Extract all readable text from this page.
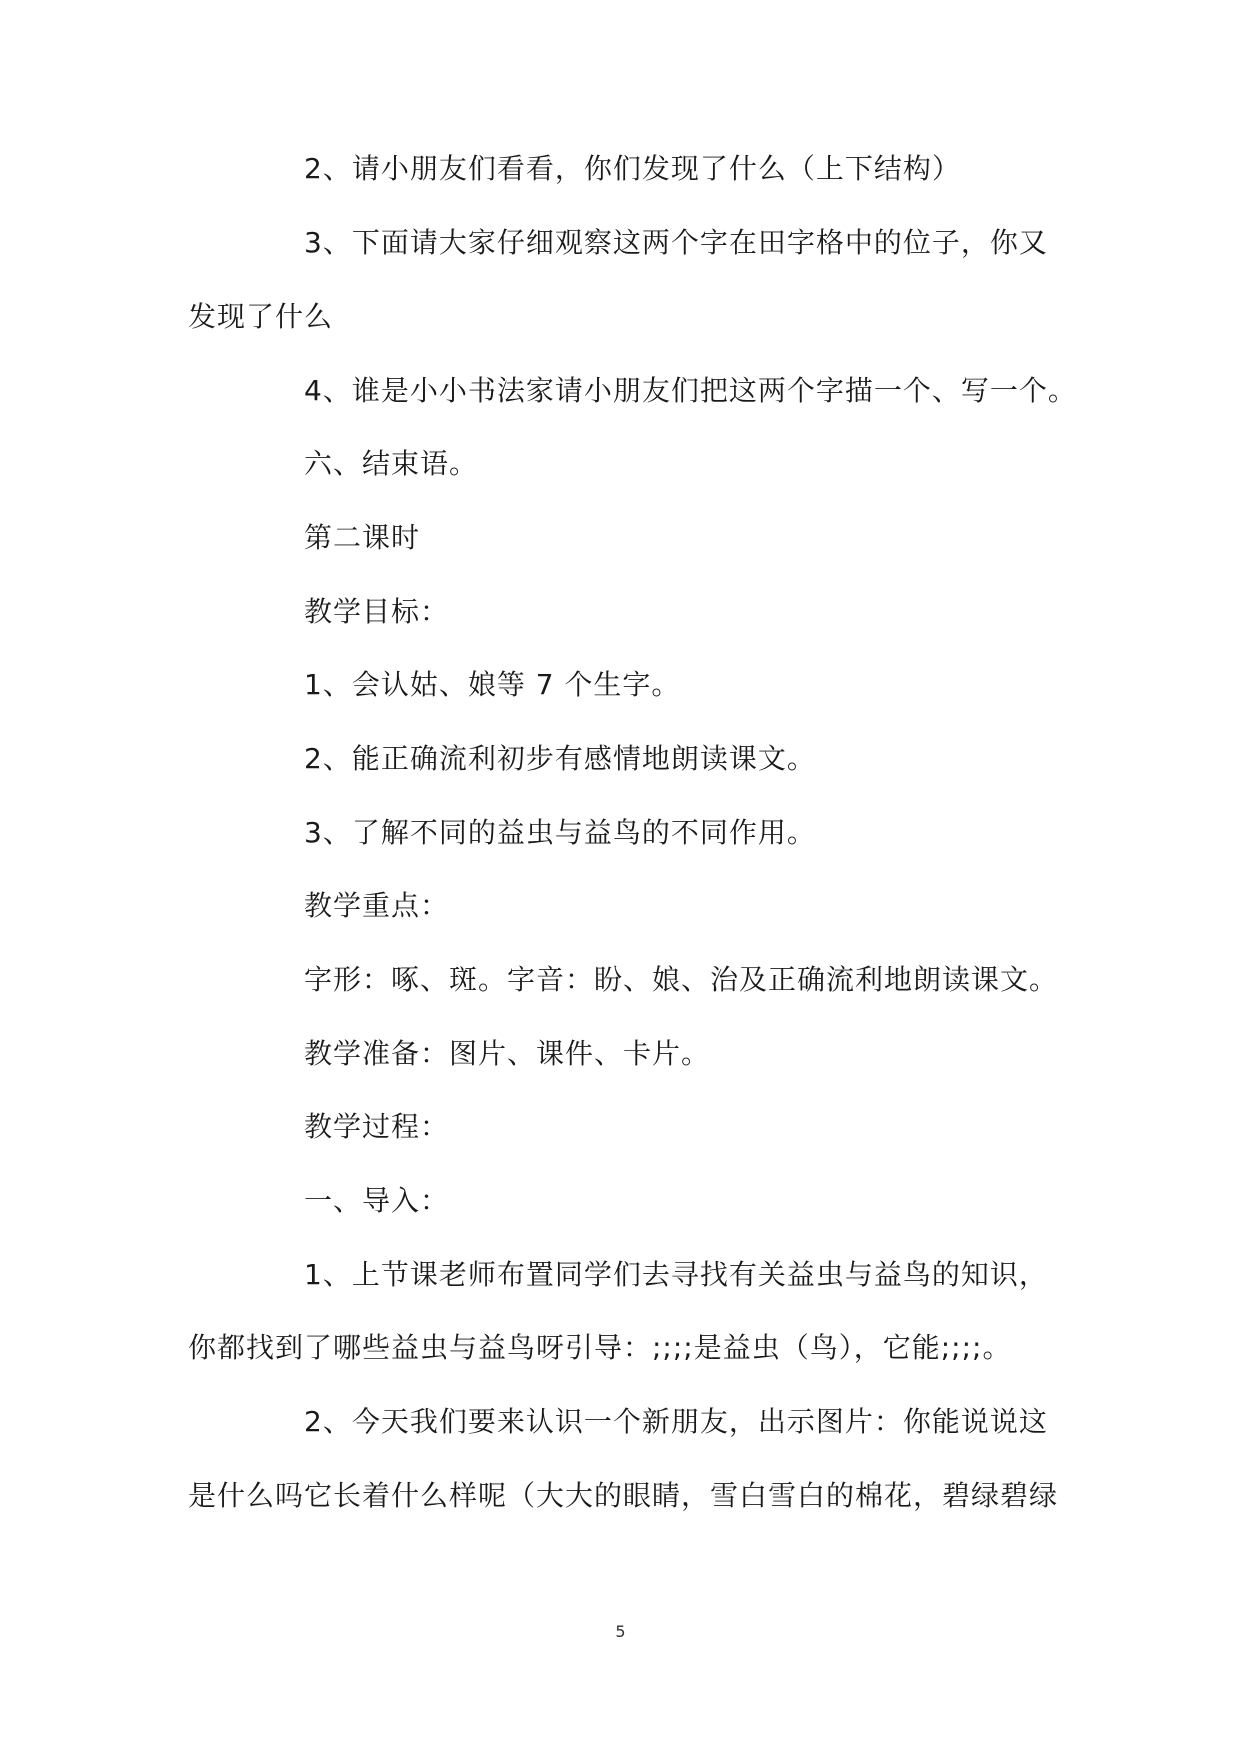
2、请小朋友们看看，你们发现了什么（上下结构）
3、下面请大家仔细观察这两个字在田字格中的位子，你又
发现了什么
4、谁是小小书法家请小朋友们把这两个字描一个、写一个。
六、结束语。
第二课时
教学目标：
1、会认姑、娘等 7 个生字。
2、能正确流利初步有感情地朗读课文。
3、了解不同的益虫与益鸟的不同作用。
教学重点：
字形：啄、斑。字音：盼、娘、治及正确流利地朗读课文。
教学准备：图片、课件、卡片。
教学过程：
一、导入：
1、上节课老师布置同学们去寻找有关益虫与益鸟的知识，
你都找到了哪些益虫与益鸟呀引导：;;;;是益虫（鸟），它能;;;;。
2、今天我们要来认识一个新朋友，出示图片：你能说说这
是什么吗它长着什么样呢（大大的眼睛，雪白雪白的棉花，碧绿碧绿
5
